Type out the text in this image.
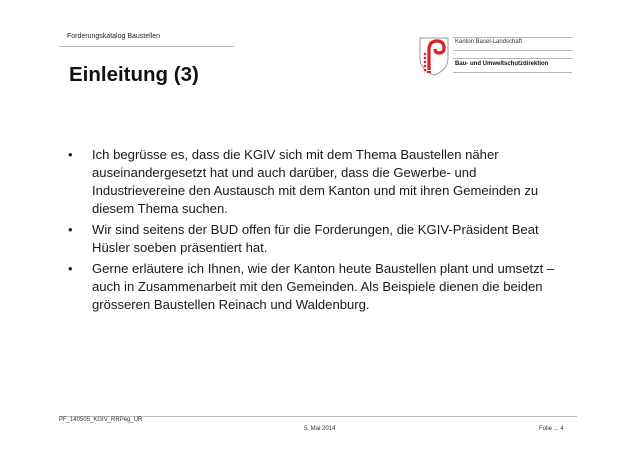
Forderungskatalog Baustellen
Kanton Basel-Landschaft
Bau- und Umweltschutzdirektion
Einleitung (3)
• Ich begrüsse es, dass die KGIV sich mit dem Thema Baustellen näher
auseinandergesetzt hat und auch darüber, dass die Gewerbe- und
Industrievereine den Austausch mit dem Kanton und mit ihren Gemeinden zu
diesem Thema suchen.
• Wir sind seitens der BUD offen für die Forderungen, die KGIV-Präsident Beat
Hüsler soeben präsentiert hat.
• Gerne erläutere ich Ihnen, wie der Kanton heute Baustellen plant und umsetzt –
auch in Zusammenarbeit mit den Gemeinden. Als Beispiele dienen die beiden
grösseren Baustellen Reinach und Waldenburg.
PF_140505_KGIV_RRPeg_UR
5. Mai 2014	Folie ... 4
